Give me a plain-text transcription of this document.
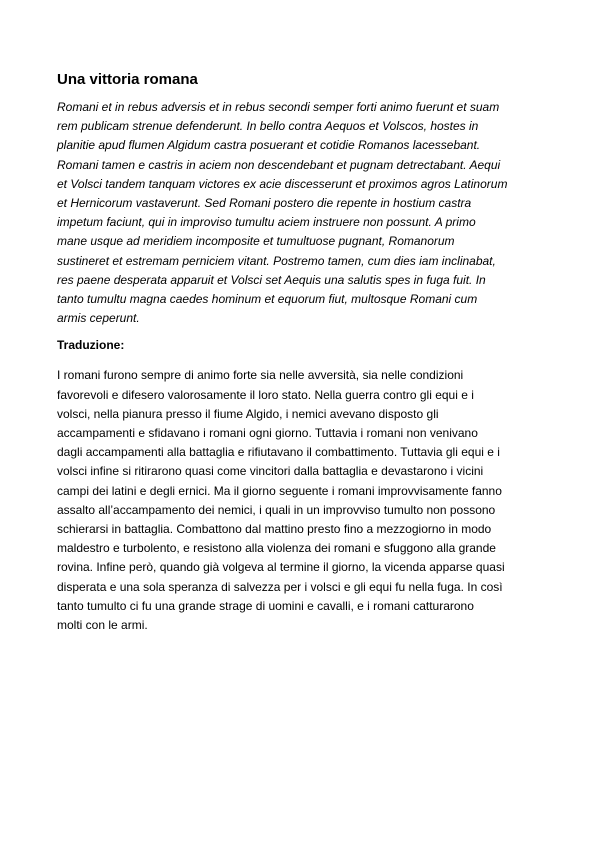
Una vittoria romana
Romani et in rebus adversis et in rebus secondi semper forti animo fuerunt et suam
rem publicam strenue defenderunt. In bello contra Aequos et Volscos, hostes in
planitie apud flumen Algidum castra posuerant et cotidie Romanos lacessebant.
Romani tamen e castris in aciem non descendebant et pugnam detrectabant. Aequi
et Volsci tandem tanquam victores ex acie discesserunt et proximos agros Latinorum
et Hernicorum vastaverunt. Sed Romani postero die repente in hostium castra
impetum faciunt, qui in improviso tumultu aciem instruere non possunt. A primo
mane usque ad meridiem incomposite et tumultuose pugnant, Romanorum
sustineret et estremam perniciem vitant. Postremo tamen, cum dies iam inclinabat,
res paene desperata apparuit et Volsci set Aequis una salutis spes in fuga fuit. In
tanto tumultu magna caedes hominum et equorum fiut, multosque Romani cum
armis ceperunt.
Traduzione:
I romani furono sempre di animo forte sia nelle avversità, sia nelle condizioni
favorevoli e difesero valorosamente il loro stato. Nella guerra contro gli equi e i
volsci, nella pianura presso il fiume Algido, i nemici avevano disposto gli
accampamenti e sfidavano i romani ogni giorno. Tuttavia i romani non venivano
dagli accampamenti alla battaglia e rifiutavano il combattimento. Tuttavia gli equi e i
volsci infine si ritirarono quasi come vincitori dalla battaglia e devastarono i vicini
campi dei latini e degli ernici. Ma il giorno seguente i romani improvvisamente fanno
assalto all’accampamento dei nemici, i quali in un improvviso tumulto non possono
schierarsi in battaglia. Combattono dal mattino presto fino a mezzogiorno in modo
maldestro e turbolento, e resistono alla violenza dei romani e sfuggono alla grande
rovina. Infine però, quando già volgeva al termine il giorno, la vicenda apparse quasi
disperata e una sola speranza di salvezza per i volsci e gli equi fu nella fuga. In così
tanto tumulto ci fu una grande strage di uomini e cavalli, e i romani catturarono
molti con le armi.
